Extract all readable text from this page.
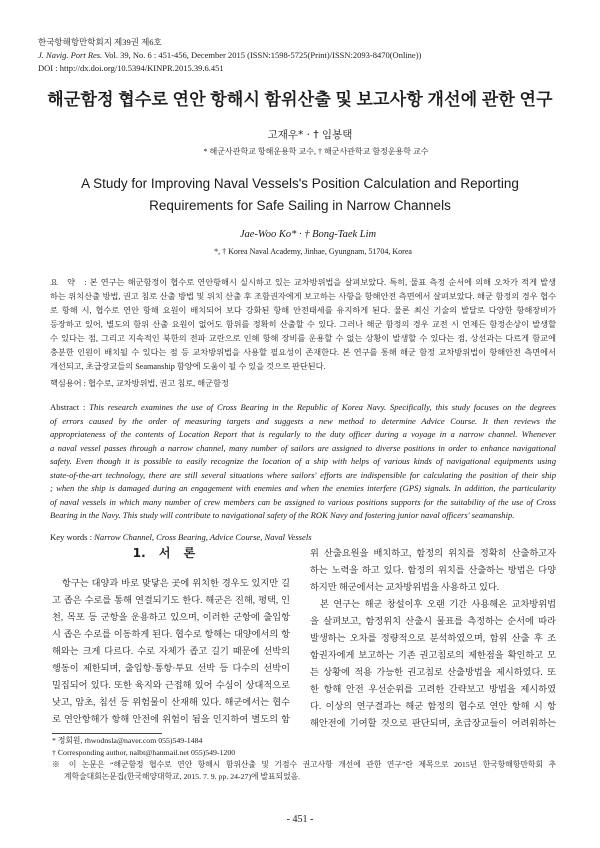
한국항해항만학회지 제39권 제6호
J. Navig. Port Res. Vol. 39, No. 6 : 451-456, December 2015 (ISSN:1598-5725(Print)/ISSN:2093-8470(Online))
DOI : http://dx.doi.org/10.5394/KINPR.2015.39.6.451
해군함정 협수로 연안 항해시 함위산출 및 보고사항 개선에 관한 연구
고재우* · † 임봉택
* 해군사관학교 항해운용학 교수, † 해군사관학교 함정운용학 교수
A Study for Improving Naval Vessels's Position Calculation and Reporting
Requirements for Safe Sailing in Narrow Channels
Jae-Woo Ko* · † Bong-Taek Lim
*, † Korea Naval Academy, Jinhae, Gyungnam, 51704, Korea
요 약 : 본 연구는 해군함정이 협수로 연안항해시 실시하고 있는 교차방위법을 살펴보았다. 특히, 물표 측정 순서에 의해 오차가 적게 발생
하는 위치산출 방법, 권고 침로 산출 방법 및 위치 산출 후 조함권자에게 보고하는 사항을 항해안전 측면에서 살펴보았다. 해군 함정의 경우 협수
로 항해 시, 협수로 연안 항해 요원이 배치되어 보다 강화된 항해 안전태세를 유지하게 된다. 물론 최신 기술의 발달로 다양한 항해장비가
등장하고 있어, 별도의 함위 산출 요원이 없어도 함위를 정확히 산출할 수 있다. 그러나 해군 함정의 경우 교전 시 언제든 함정손상이 발생할
수 있다는 점, 그리고 지속적인 북한의 전파 교란으로 인해 항해 장비를 운용할 수 없는 상황이 발생할 수 있다는 점, 상선과는 다르게 함교에
충분한 인원이 배치될 수 있다는 점 등 교차방위법을 사용할 필요성이 존재한다. 본 연구를 통해 해군 함정 교차방위법이 항해안전 측면에서
개선되고, 초급장교들의 Seamanship 함양에 도움이 될 수 있을 것으로 판단된다.
핵심용어 : 협수로, 교차방위법, 권고 침로, 해군함정
Abstract : This research examines the use of Cross Bearing in the Republic of Korea Navy. Specifically, this study focuses on the degrees
of errors caused by the order of measuring targets and suggests a new method to determine Advice Course. It then reviews the
appropriateness of the contents of Location Report that is regularly to the duty officer during a voyage in a narrow channel. Whenever
a naval vessel passes through a narrow channel, many number of sailors are assigned to diverse positions in order to enhance navigational
safety. Even though it is possible to easily recognize the location of a ship with helps of various kinds of navigational equipments using
state-of-the-art technology, there are still several situations where sailors' efforts are indispensible for calculating the position of their ship
; when the ship is damaged during an engagement with enemies and when the enemies interfere (GPS) signals. In addition, the particularity
of naval vessels in which many number of crew members can be assigned to various positions supports for the suitability of the use of Cross
Bearing in the Navy. This study will contribute to navigational safety of the ROK Navy and fostering junior naval officers' seamanship.
Key words : Narrow Channel, Cross Bearing, Advice Course, Naval Vessels
1. 서 론
항구는 대양과 바로 맞닿은 곳에 위치한 경우도 있지만 길
고 좁은 수로를 통해 연결되기도 한다. 해군은 진해, 평택, 인
천, 목포 등 군항을 운용하고 있으며, 이러한 군항에 출입항
시 좁은 수로를 이동하게 된다. 협수로 항해는 대양에서의 항
해와는 크게 다르다. 수로 자체가 좁고 길기 때문에 선박의
행동이 제한되며, 출입항·통항·투묘 선박 등 다수의 선박이
밀집되어 있다. 또한 육지와 근접해 있어 수심이 상대적으로
낮고, 암초, 침선 등 위험물이 산재해 있다. 해군에서는 협수
로 연안항해가 항해 안전에 위험이 됨을 인지하여 별도의 함
위 산출요원을 배치하고, 함정의 위치를 정확히 산출하고자
하는 노력을 하고 있다. 함정의 위치를 산출하는 방법은 다양
하지만 해군에서는 교차방위법을 사용하고 있다.
본 연구는 해군 창설이후 오랜 기간 사용해온 교차방위법
을 살펴보고, 함정위치 산출시 물표를 측정하는 순서에 따라
발생하는 오차를 정량적으로 분석하였으며, 함위 산출 후 조
함권자에게 보고하는 기존 권고침로의 제한점을 확인하고 모
든 상황에 적용 가능한 권고침로 산출방법을 제시하였다. 또
한 항해 안전 우선순위를 고려한 간략보고 방법을 제시하였
다. 이상의 연구결과는 해군 함정의 협수로 연안 항해 시 항
해안전에 기여할 것으로 판단되며, 초급장교들이 어려워하는
* 정회원, rhwodnsla@naver.com 055)549-1484
† Corresponding author, nalbt@hanmail.net 055)549-1200
※ 이 논문은 “해군함정 협수로 연안 항해시 함위산출 및 기점수 권고사항 개선에 관한 연구”란 제목으로 2015년 한국항해항만학회 추
계학술대회논문집(한국해양대학교, 2015. 7. 9. pp. 24-27)에 발표되었음.
- 451 -
